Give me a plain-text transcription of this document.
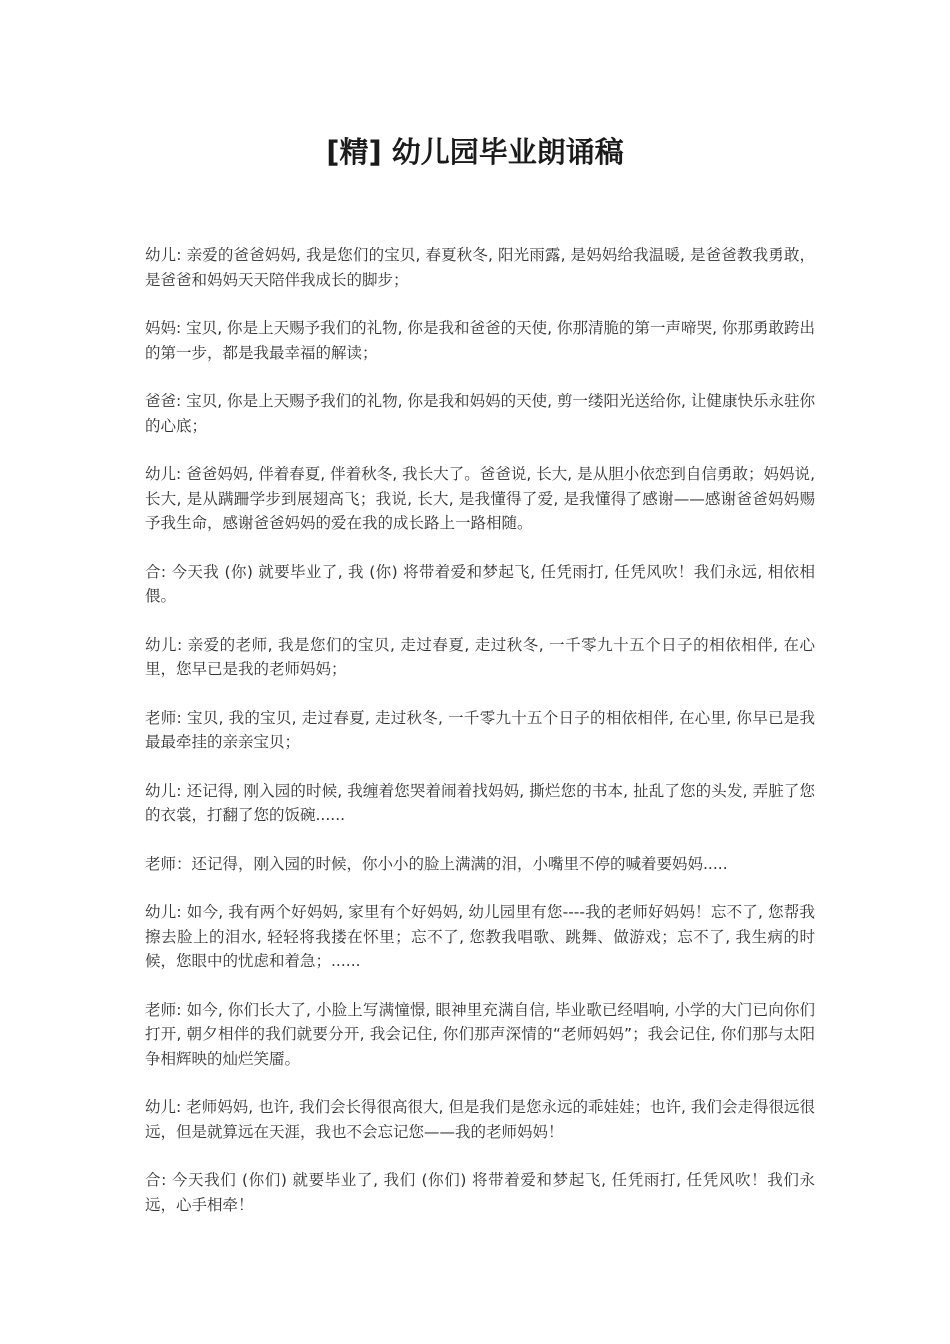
[精] 幼儿园毕业朗诵稿

幼儿: 亲爱的爸爸妈妈, 我是您们的宝贝, 春夏秋冬, 阳光雨露, 是妈妈给我温暖, 是爸爸教我勇敢，是爸爸和妈妈天天陪伴我成长的脚步；

妈妈: 宝贝, 你是上天赐予我们的礼物, 你是我和爸爸的天使, 你那清脆的第一声啼哭, 你那勇敢跨出的第一步，都是我最幸福的解读；

爸爸: 宝贝, 你是上天赐予我们的礼物, 你是我和妈妈的天使, 剪一缕阳光送给你, 让健康快乐永驻你的心底；

幼儿: 爸爸妈妈, 伴着春夏, 伴着秋冬, 我长大了。爸爸说, 长大, 是从胆小依恋到自信勇敢；妈妈说, 长大, 是从蹒跚学步到展翅高飞；我说, 长大, 是我懂得了爱, 是我懂得了感谢——感谢爸爸妈妈赐予我生命，感谢爸爸妈妈的爱在我的成长路上一路相随。

合: 今天我 (你) 就要毕业了, 我 (你) 将带着爱和梦起飞, 任凭雨打, 任凭风吹！我们永远, 相依相偎。

幼儿: 亲爱的老师, 我是您们的宝贝, 走过春夏, 走过秋冬, 一千零九十五个日子的相依相伴, 在心里，您早已是我的老师妈妈；

老师: 宝贝, 我的宝贝, 走过春夏, 走过秋冬, 一千零九十五个日子的相依相伴, 在心里, 你早已是我最最牵挂的亲亲宝贝；

幼儿: 还记得, 刚入园的时候, 我缠着您哭着闹着找妈妈, 撕烂您的书本, 扯乱了您的头发, 弄脏了您的衣裳，打翻了您的饭碗......

老师：还记得，刚入园的时候，你小小的脸上满满的泪，小嘴里不停的喊着要妈妈.....

幼儿: 如今, 我有两个好妈妈, 家里有个好妈妈, 幼儿园里有您----我的老师好妈妈！忘不了, 您帮我擦去脸上的泪水, 轻轻将我搂在怀里；忘不了, 您教我唱歌、跳舞、做游戏；忘不了, 我生病的时候，您眼中的忧虑和着急；......

老师: 如今, 你们长大了, 小脸上写满憧憬, 眼神里充满自信, 毕业歌已经唱响, 小学的大门已向你们打开, 朝夕相伴的我们就要分开, 我会记住, 你们那声深情的“老师妈妈”；我会记住, 你们那与太阳争相辉映的灿烂笑靥。

幼儿: 老师妈妈, 也许, 我们会长得很高很大, 但是我们是您永远的乖娃娃；也许, 我们会走得很远很远，但是就算远在天涯，我也不会忘记您——我的老师妈妈！

合: 今天我们 (你们) 就要毕业了, 我们 (你们) 将带着爱和梦起飞, 任凭雨打, 任凭风吹！我们永远，心手相牵！
